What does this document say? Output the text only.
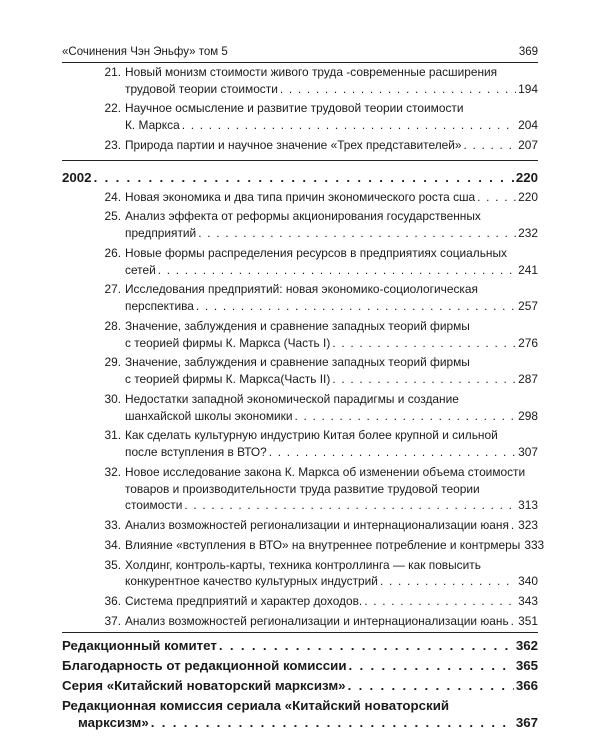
«Сочинения Чэн Эньфу» том 5	369
21. Новый монизм стоимости живого труда -современные расширения
трудовой теории стоимости . . .	194
22. Научное осмысление и развитие трудовой теории стоимости
К. Маркса . . .	204
23. Природа партии и научное значение «Трех представителей» . . .	207
2002 . . .	220
24. Новая экономика и два типа причин экономического роста сша . . .	220
25. Анализ эффекта от реформы акционирования государственных
предприятий . . .	232
26. Новые формы распределения ресурсов в предприятиях социальных
сетей . . .	241
27. Исследования предприятий: новая экономико-социологическая
перспектива . . .	257
28. Значение, заблуждения и сравнение западных теорий фирмы
с теорией фирмы К. Маркса (Часть I) . . .	276
29. Значение, заблуждения и сравнение западных теорий фирмы
с теорией фирмы К. Маркса(Часть II) . . .	287
30. Недостатки западной экономической парадигмы и создание
шанхайской школы экономики . . .	298
31. Как сделать культурную индустрию Китая более крупной и сильной
после вступления в ВТО? . . .	307
32. Новое исследование закона К. Маркса об изменении объема стоимости
товаров и производительности труда развитие трудовой теории
стоимости . . .	313
33. Анализ возможностей регионализации и интернационализации юаня . . . 323
34. Влияние «вступления в ВТО» на внутреннее потребление и контрмеры 333
35. Холдинг, контроль-карты, техника контроллинга — как повысить
конкурентное качество культурных индустрий . . .	340
36. Система предприятий и характер доходов. . . .	343
37. Анализ возможностей регионализации и интернационализации юань . . . 351
Редакционный комитет . . .	362
Благодарность от редакционной комиссии . . .	365
Серия «Китайский новаторский марксизм» . . .	366
Редакционная комиссия сериала «Китайский новаторский
марксизм» . . .	367
